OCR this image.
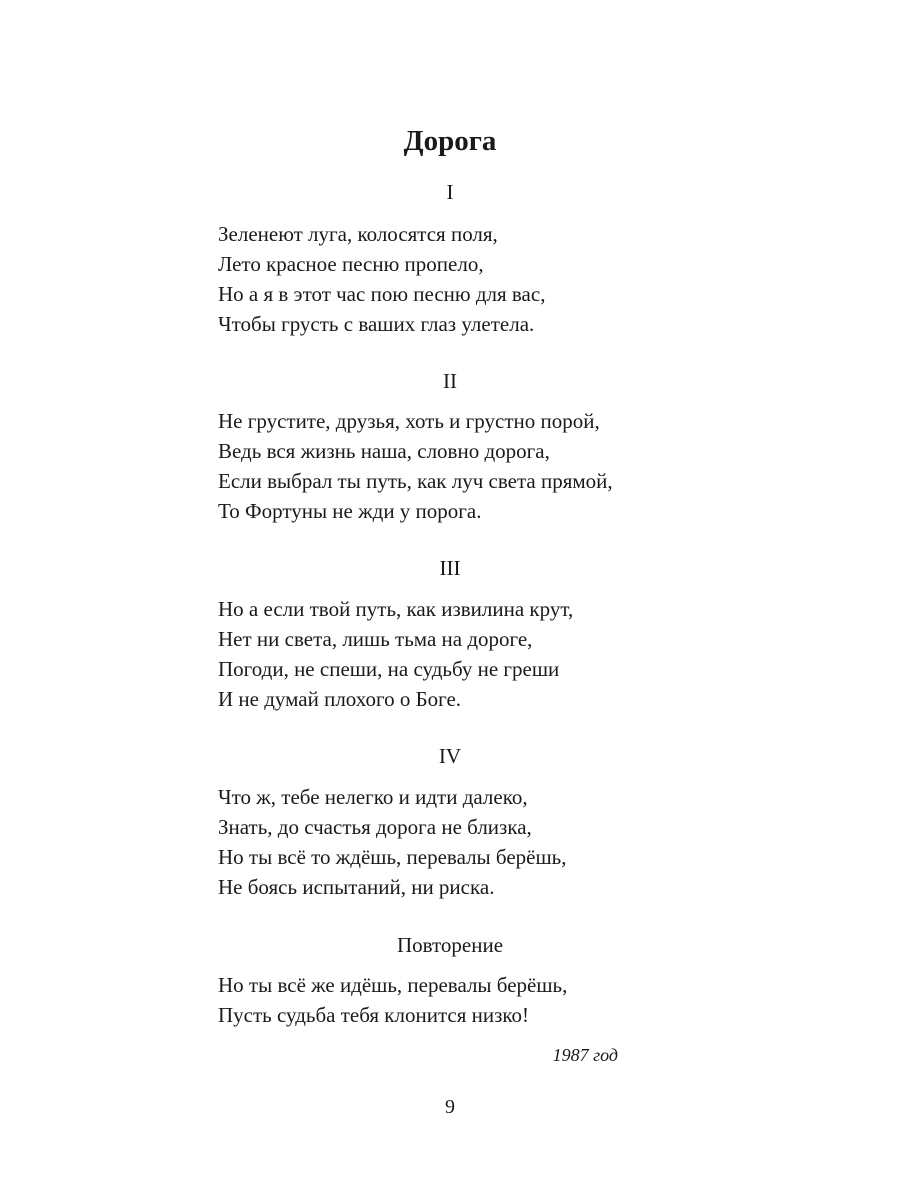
Дорога
I
Зеленеют луга, колосятся поля,
Лето красное песню пропело,
Но а я в этот час пою песню для вас,
Чтобы грусть с ваших глаз улетела.
II
Не грустите, друзья, хоть и грустно порой,
Ведь вся жизнь наша, словно дорога,
Если выбрал ты путь, как луч света прямой,
То Фортуны не жди у порога.
III
Но а если твой путь, как извилина крут,
Нет ни света, лишь тьма на дороге,
Погоди, не спеши, на судьбу не греши
И не думай плохого о Боге.
IV
Что ж, тебе нелегко и идти далеко,
Знать, до счастья дорога не близка,
Но ты всё то ждёшь, перевалы берёшь,
Не боясь испытаний, ни риска.
Повторение
Но ты всё же идёшь, перевалы берёшь,
Пусть судьба тебя клонится низко!
1987 год
9
